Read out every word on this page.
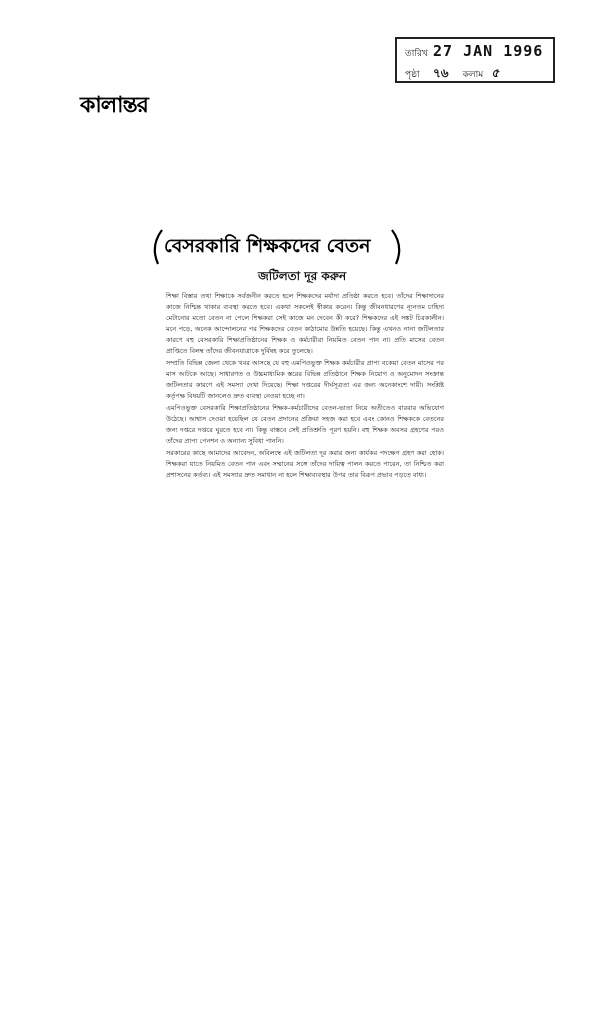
তারিখ 27 JAN 1996
পৃষ্ঠা	৭৬ কলাম ৫
কালান্তর
বেসরকারি শিক্ষকদের বেতন
জটিলতা দূর করুন

শিক্ষা বিস্তার তথা শিক্ষাকে সর্বজনীন করতে হলে শিক্ষকদের মর্যাদা প্রতিষ্ঠা করতে হবে। তাঁদের শিক্ষাদানের কাজে নিশ্চিন্ত থাকার ব্যবস্থা করতে হবে। একথা সকলেই স্বীকার করেন। কিন্তু জীবনধারণের ন্যূনতম চাহিদা মেটানোর মতো বেতন না পেলে শিক্ষকরা সেই কাজে মন দেবেন কী করে? শিক্ষকদের এই সঙ্কট চিরকালীন। মনে পড়ে, অনেক আন্দোলনের পর শিক্ষকদের বেতন কাঠামোর উন্নতি হয়েছে। কিন্তু এখনও নানা জটিলতার কারণে বহু বেসরকারি শিক্ষাপ্রতিষ্ঠানের শিক্ষক ও কর্মচারীরা নিয়মিত বেতন পান না। প্রতি মাসের বেতন প্রাপ্তিতে বিলম্ব তাঁদের জীবনযাত্রাকে দুর্বিষহ করে তুলেছে।

সম্প্রতি বিভিন্ন জেলা থেকে খবর আসছে যে বহু এমপিওভুক্ত শিক্ষক কর্মচারীর প্রাপ্য বকেয়া বেতন মাসের পর মাস আটকে আছে। সাধারণত ও উচ্চমাধ্যমিক স্তরের বিভিন্ন প্রতিষ্ঠানে শিক্ষক নিয়োগ ও অনুমোদন সংক্রান্ত জটিলতার কারণে এই সমস্যা দেখা দিয়েছে। শিক্ষা দপ্তরের দীর্ঘসূত্রতা এর জন্য অনেকাংশে দায়ী। সংশ্লিষ্ট কর্তৃপক্ষ বিষয়টি জানলেও দ্রুত ব্যবস্থা নেওয়া হচ্ছে না।

এমপিওভুক্ত বেসরকারি শিক্ষাপ্রতিষ্ঠানের শিক্ষক-কর্মচারীদের বেতন-ভাতা নিয়ে অতীতেও বারবার অভিযোগ উঠেছে। আশ্বাস দেওয়া হয়েছিল যে বেতন প্রদানের প্রক্রিয়া সহজ করা হবে এবং কোনও শিক্ষককে বেতনের জন্য দপ্তরে দপ্তরে ঘুরতে হবে না। কিন্তু বাস্তবে সেই প্রতিশ্রুতি পূরণ হয়নি। বহু শিক্ষক অবসর গ্রহণের পরও তাঁদের প্রাপ্য পেনশন ও অন্যান্য সুবিধা পাননি।

সরকারের কাছে আমাদের আবেদন, অবিলম্বে এই জটিলতা দূর করার জন্য কার্যকর পদক্ষেপ গ্রহণ করা হোক। শিক্ষকরা যাতে নিয়মিত বেতন পান এবং সম্মানের সঙ্গে তাঁদের দায়িত্ব পালন করতে পারেন, তা নিশ্চিত করা প্রশাসনের কর্তব্য। এই সমস্যার দ্রুত সমাধান না হলে শিক্ষাব্যবস্থার উপর তার বিরূপ প্রভাব পড়তে বাধ্য।
